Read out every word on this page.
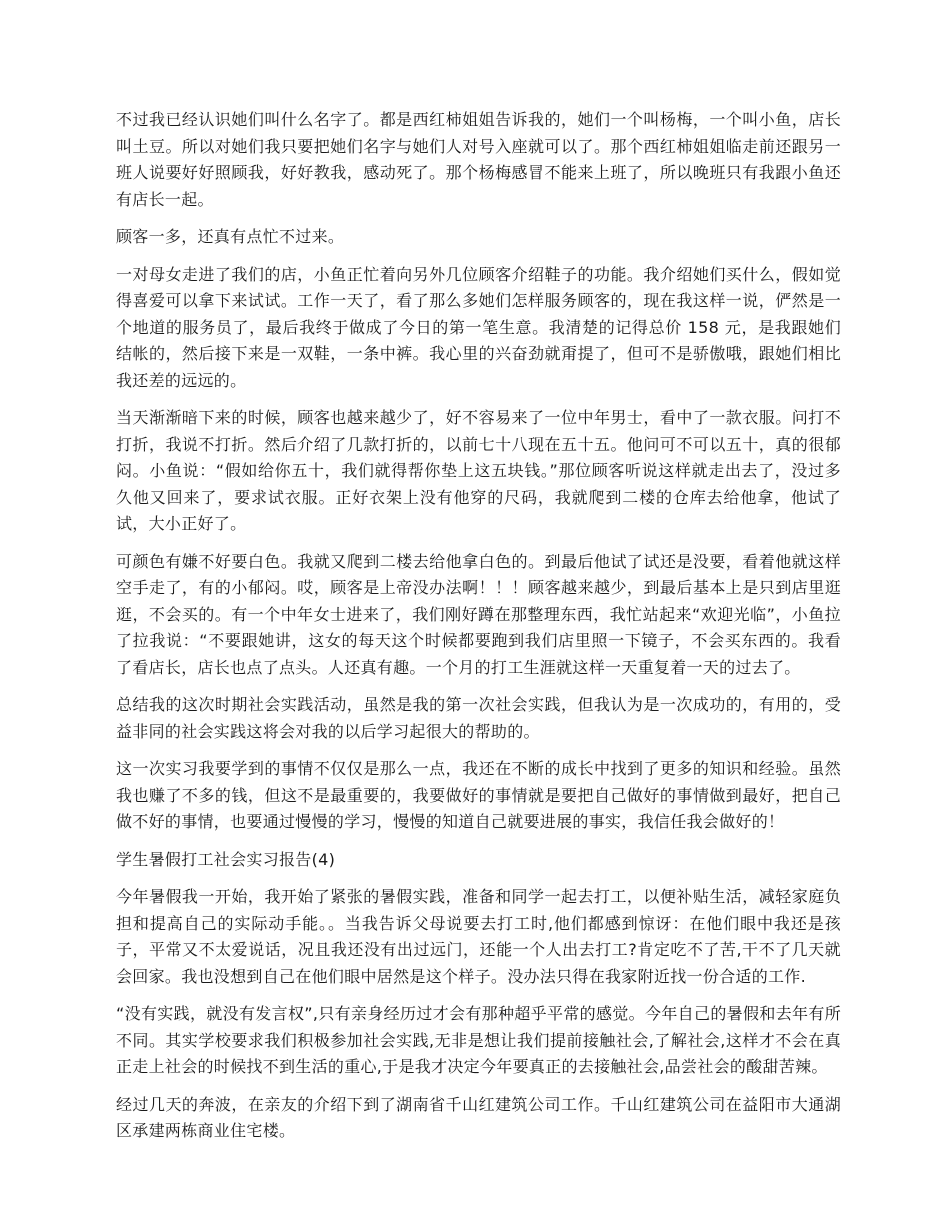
不过我已经认识她们叫什么名字了。都是西红柿姐姐告诉我的，她们一个叫杨梅，一个叫小鱼，店长叫土豆。所以对她们我只要把她们名字与她们人对号入座就可以了。那个西红柿姐姐临走前还跟另一班人说要好好照顾我，好好教我，感动死了。那个杨梅感冒不能来上班了，所以晚班只有我跟小鱼还有店长一起。

顾客一多，还真有点忙不过来。

一对母女走进了我们的店，小鱼正忙着向另外几位顾客介绍鞋子的功能。我介绍她们买什么，假如觉得喜爱可以拿下来试试。工作一天了，看了那么多她们怎样服务顾客的，现在我这样一说，俨然是一个地道的服务员了，最后我终于做成了今日的第一笔生意。我清楚的记得总价 158 元，是我跟她们结帐的，然后接下来是一双鞋，一条中裤。我心里的兴奋劲就甭提了，但可不是骄傲哦，跟她们相比我还差的远远的。

当天渐渐暗下来的时候，顾客也越来越少了，好不容易来了一位中年男士，看中了一款衣服。问打不打折，我说不打折。然后介绍了几款打折的，以前七十八现在五十五。他问可不可以五十，真的很郁闷。小鱼说：“假如给你五十，我们就得帮你垫上这五块钱。”那位顾客听说这样就走出去了，没过多久他又回来了，要求试衣服。正好衣架上没有他穿的尺码，我就爬到二楼的仓库去给他拿，他试了试，大小正好了。

可颜色有嫌不好要白色。我就又爬到二楼去给他拿白色的。到最后他试了试还是没要，看着他就这样空手走了，有的小郁闷。哎，顾客是上帝没办法啊！！！顾客越来越少，到最后基本上是只到店里逛逛，不会买的。有一个中年女士进来了，我们刚好蹲在那整理东西，我忙站起来“欢迎光临”，小鱼拉了拉我说：“不要跟她讲，这女的每天这个时候都要跑到我们店里照一下镜子，不会买东西的。我看了看店长，店长也点了点头。人还真有趣。一个月的打工生涯就这样一天重复着一天的过去了。

总结我的这次时期社会实践活动，虽然是我的第一次社会实践，但我认为是一次成功的，有用的，受益非同的社会实践这将会对我的以后学习起很大的帮助的。

这一次实习我要学到的事情不仅仅是那么一点，我还在不断的成长中找到了更多的知识和经验。虽然我也赚了不多的钱，但这不是最重要的，我要做好的事情就是要把自己做好的事情做到最好，把自己做不好的事情，也要通过慢慢的学习，慢慢的知道自己就要进展的事实，我信任我会做好的！

学生暑假打工社会实习报告(4)

今年暑假我一开始，我开始了紧张的暑假实践，准备和同学一起去打工，以便补贴生活，减轻家庭负担和提高自己的实际动手能。。当我告诉父母说要去打工时,他们都感到惊讶：在他们眼中我还是孩子，平常又不太爱说话，况且我还没有出过远门，还能一个人出去打工?肯定吃不了苦,干不了几天就会回家。我也没想到自己在他们眼中居然是这个样子。没办法只得在我家附近找一份合适的工作.

“没有实践，就没有发言权”,只有亲身经历过才会有那种超乎平常的感觉。今年自己的暑假和去年有所不同。其实学校要求我们积极参加社会实践,无非是想让我们提前接触社会,了解社会,这样才不会在真正走上社会的时候找不到生活的重心,于是我才决定今年要真正的去接触社会,品尝社会的酸甜苦辣。

经过几天的奔波，在亲友的介绍下到了湖南省千山红建筑公司工作。千山红建筑公司在益阳市大通湖区承建两栋商业住宅楼。
